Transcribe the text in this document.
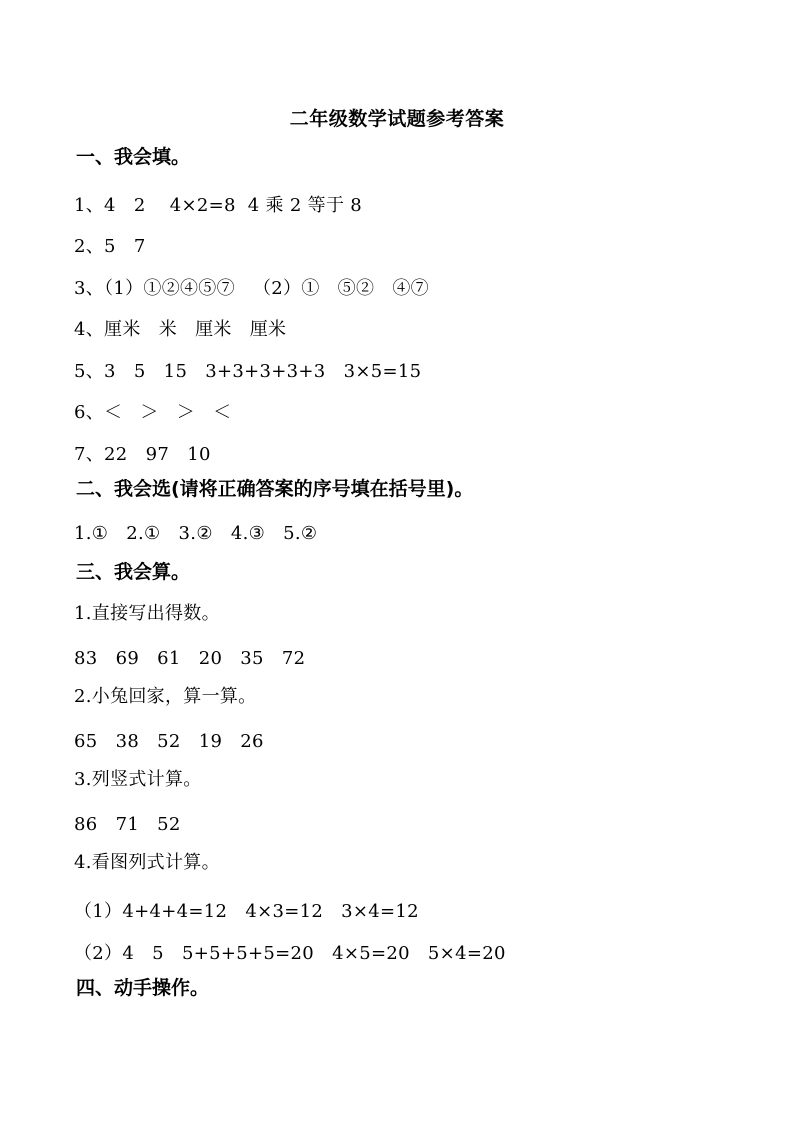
二年级数学试题参考答案
一、我会填。
1、4   2    4×2=8  4 乘 2 等于 8
2、5   7
3、（1）①②④⑤⑦   （2）①   ⑤②   ④⑦
4、厘米   米   厘米   厘米
5、3   5   15   3+3+3+3+3   3×5=15
6、＜   ＞   ＞   ＜
7、22   97   10
二、我会选(请将正确答案的序号填在括号里)。
1.①   2.①   3.②   4.③   5.②
三、我会算。
1.直接写出得数。
83   69   61   20   35   72
2.小兔回家，算一算。
65   38   52   19   26
3.列竖式计算。
86   71   52
4.看图列式计算。
（1）4+4+4=12   4×3=12   3×4=12
（2）4   5   5+5+5+5=20   4×5=20   5×4=20
四、动手操作。
